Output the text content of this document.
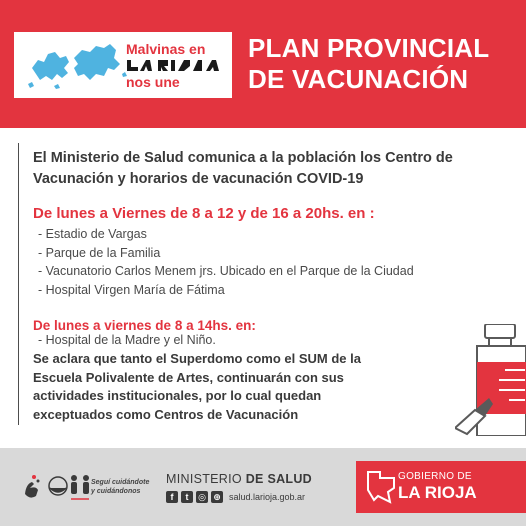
Malvinas en
nos une
PLAN PROVINCIAL
DE VACUNACIÓN
El Ministerio de Salud comunica a la población los Centro de Vacunación y horarios de vacunación COVID-19
De lunes a Viernes de 8 a 12 y de 16 a 20hs. en :
- Estadio de Vargas
- Parque de la Familia
- Vacunatorio Carlos Menem jrs. Ubicado en el Parque de la Ciudad
- Hospital Virgen María de Fátima
De lunes a viernes de 8 a 14hs. en:
- Hospital de la Madre y el Niño.
Se aclara que tanto el Superdomo como el SUM de la Escuela Polivalente de Artes, continuarán con sus actividades institucionales, por lo cual quedan exceptuados como Centros de Vacunación
Seguí cuidándote
y cuidándonos
MINISTERIO DE SALUD
f	t	◎ ⊕ salud.larioja.gob.ar
GOBIERNO DE
LA RIOJA
